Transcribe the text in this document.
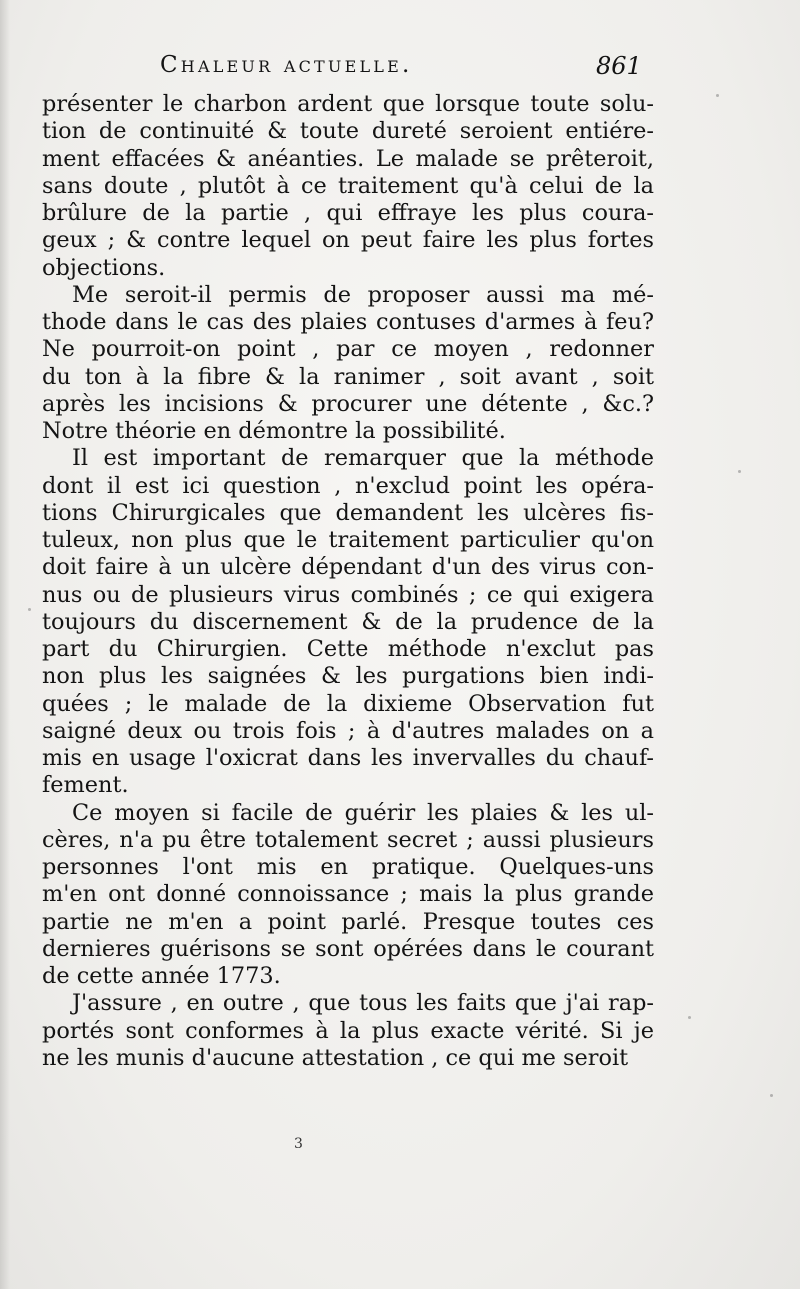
Chaleur actuelle.	861
présenter le charbon ardent que lorsque toute solu-
tion de continuité & toute dureté seroient entiére-
ment effacées & anéanties. Le malade se prêteroit,
sans doute , plutôt à ce traitement qu'à celui de la
brûlure de la partie , qui effraye les plus coura-
geux ; & contre lequel on peut faire les plus fortes
objections.
Me seroit-il permis de proposer aussi ma mé-
thode dans le cas des plaies contuses d'armes à feu?
Ne pourroit-on point , par ce moyen , redonner
du ton à la fibre & la ranimer , soit avant , soit
après les incisions & procurer une détente , &c.?
Notre théorie en démontre la possibilité.
Il est important de remarquer que la méthode
dont il est ici question , n'exclud point les opéra-
tions Chirurgicales que demandent les ulcères fis-
tuleux, non plus que le traitement particulier qu'on
doit faire à un ulcère dépendant d'un des virus con-
nus ou de plusieurs virus combinés ; ce qui exigera
toujours du discernement & de la prudence de la
part du Chirurgien. Cette méthode n'exclut pas
non plus les saignées & les purgations bien indi-
quées ; le malade de la dixieme Observation fut
saigné deux ou trois fois ; à d'autres malades on a
mis en usage l'oxicrat dans les invervalles du chauf-
fement.
Ce moyen si facile de guérir les plaies & les ul-
cères, n'a pu être totalement secret ; aussi plusieurs
personnes l'ont mis en pratique. Quelques-uns
m'en ont donné connoissance ; mais la plus grande
partie ne m'en a point parlé. Presque toutes ces
dernieres guérisons se sont opérées dans le courant
de cette année 1773.
J'assure , en outre , que tous les faits que j'ai rap-
portés sont conformes à la plus exacte vérité. Si je
ne les munis d'aucune attestation , ce qui me seroit
3
